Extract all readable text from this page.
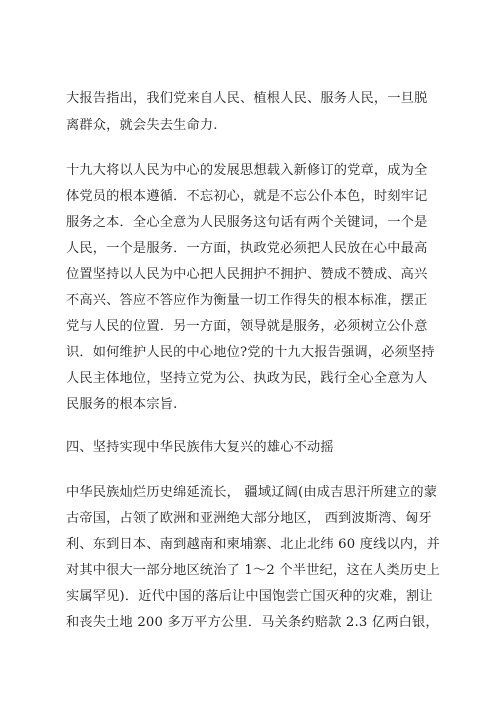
大报告指出，我们党来自人民、植根人民、服务人民，一旦脱
离群众，就会失去生命力.
十九大将以人民为中心的发展思想载入新修订的党章，成为全
体党员的根本遵循．不忘初心，就是不忘公仆本色，时刻牢记
服务之本．全心全意为人民服务这句话有两个关键词，一个是
人民，一个是服务．一方面，执政党必须把人民放在心中最高
位置坚持以人民为中心把人民拥护不拥护、赞成不赞成、高兴
不高兴、答应不答应作为衡量一切工作得失的根本标准，摆正
党与人民的位置．另一方面，领导就是服务，必须树立公仆意
识．如何维护人民的中心地位?党的十九大报告强调，必须坚持
人民主体地位，坚持立党为公、执政为民，践行全心全意为人
民服务的根本宗旨.
四、坚持实现中华民族伟大复兴的雄心不动摇
中华民族灿烂历史绵延流长， 疆域辽阔(由成吉思汗所建立的蒙
古帝国，占领了欧洲和亚洲绝大部分地区， 西到波斯湾、匈牙
利、东到日本、南到越南和柬埔寨、北止北纬 60 度线以内，并
对其中很大一部分地区统治了 1～2 个半世纪，这在人类历史上
实属罕见)．近代中国的落后让中国饱尝亡国灭种的灾难，割让
和丧失土地 200 多万平方公里．马关条约赔款 2.3 亿两白银，
